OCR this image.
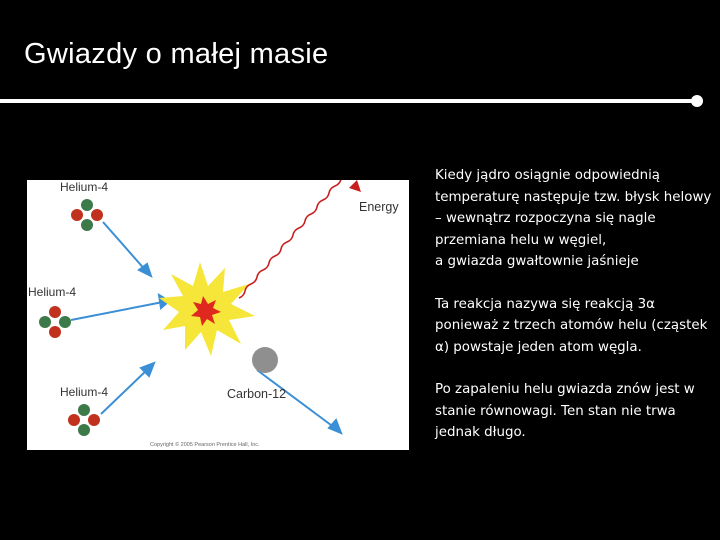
Gwiazdy o małej masie
Helium-4
Helium-4
Helium-4
Energy
Carbon-12
Copyright © 2005 Pearson Prentice Hall, Inc.

Kiedy jądro osiągnie odpowiednią temperaturę następuje tzw. błysk helowy – wewnątrz rozpoczyna się nagle przemiana helu w węgiel,
a gwiazda gwałtownie jaśnieje

Ta reakcja nazywa się reakcją 3α ponieważ z trzech atomów helu (cząstek α) powstaje jeden atom węgla.

Po zapaleniu helu gwiazda znów jest w stanie równowagi. Ten stan nie trwa jednak długo.
